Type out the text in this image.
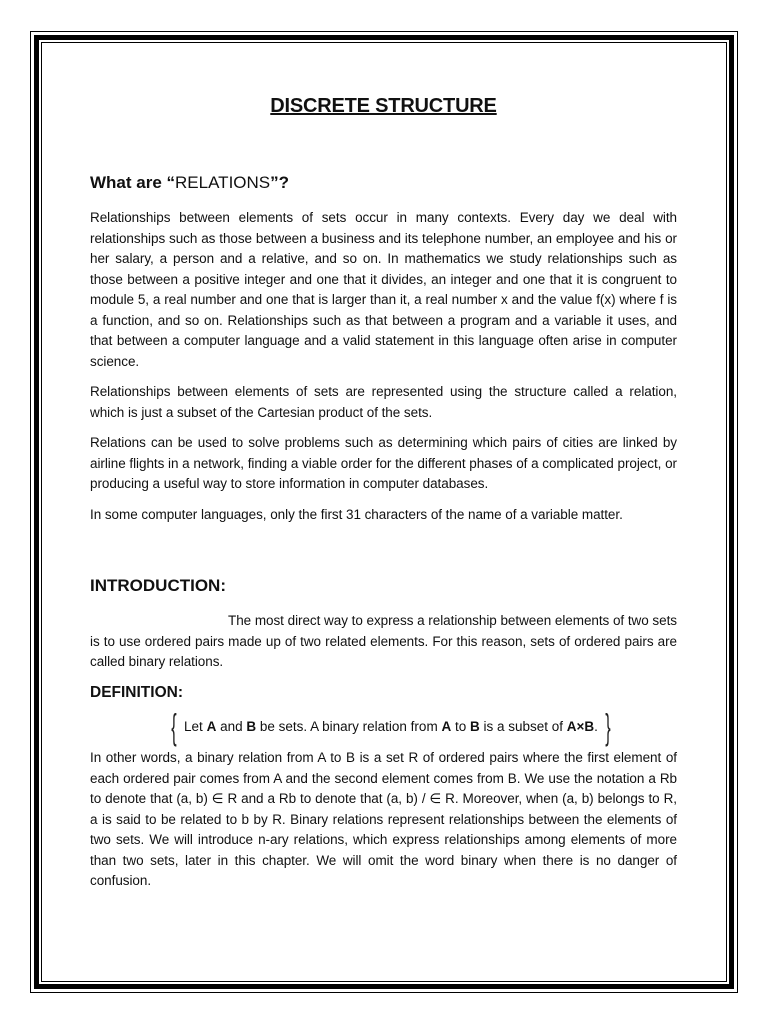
DISCRETE STRUCTURE
What are “RELATIONS”?

Relationships between elements of sets occur in many contexts. Every day we deal with relationships such as those between a business and its telephone number, an employee and his or her salary, a person and a relative, and so on. In mathematics we study relationships such as those between a positive integer and one that it divides, an integer and one that it is congruent to module 5, a real number and one that is larger than it, a real number x and the value f(x) where f is a function, and so on. Relationships such as that between a program and a variable it uses, and that between a computer language and a valid statement in this language often arise in computer science.

Relationships between elements of sets are represented using the structure called a relation, which is just a subset of the Cartesian product of the sets.

Relations can be used to solve problems such as determining which pairs of cities are linked by airline flights in a network, finding a viable order for the different phases of a complicated project, or producing a useful way to store information in computer databases.

In some computer languages, only the first 31 characters of the name of a variable matter.

INTRODUCTION:

The most direct way to express a relationship between elements of two sets is to use ordered pairs made up of two related elements. For this reason, sets of ordered pairs are called binary relations.

DEFINITION:
{ Let A and B be sets. A binary relation from A to B is a subset of A×B. }

In other words, a binary relation from A to B is a set R of ordered pairs where the first element of each ordered pair comes from A and the second element comes from B. We use the notation a Rb to denote that (a, b) ∈ R and a Rb to denote that (a, b) / ∈ R. Moreover, when (a, b) belongs to R, a is said to be related to b by R. Binary relations represent relationships between the elements of two sets. We will introduce n-ary relations, which express relationships among elements of more than two sets, later in this chapter. We will omit the word binary when there is no danger of confusion.
